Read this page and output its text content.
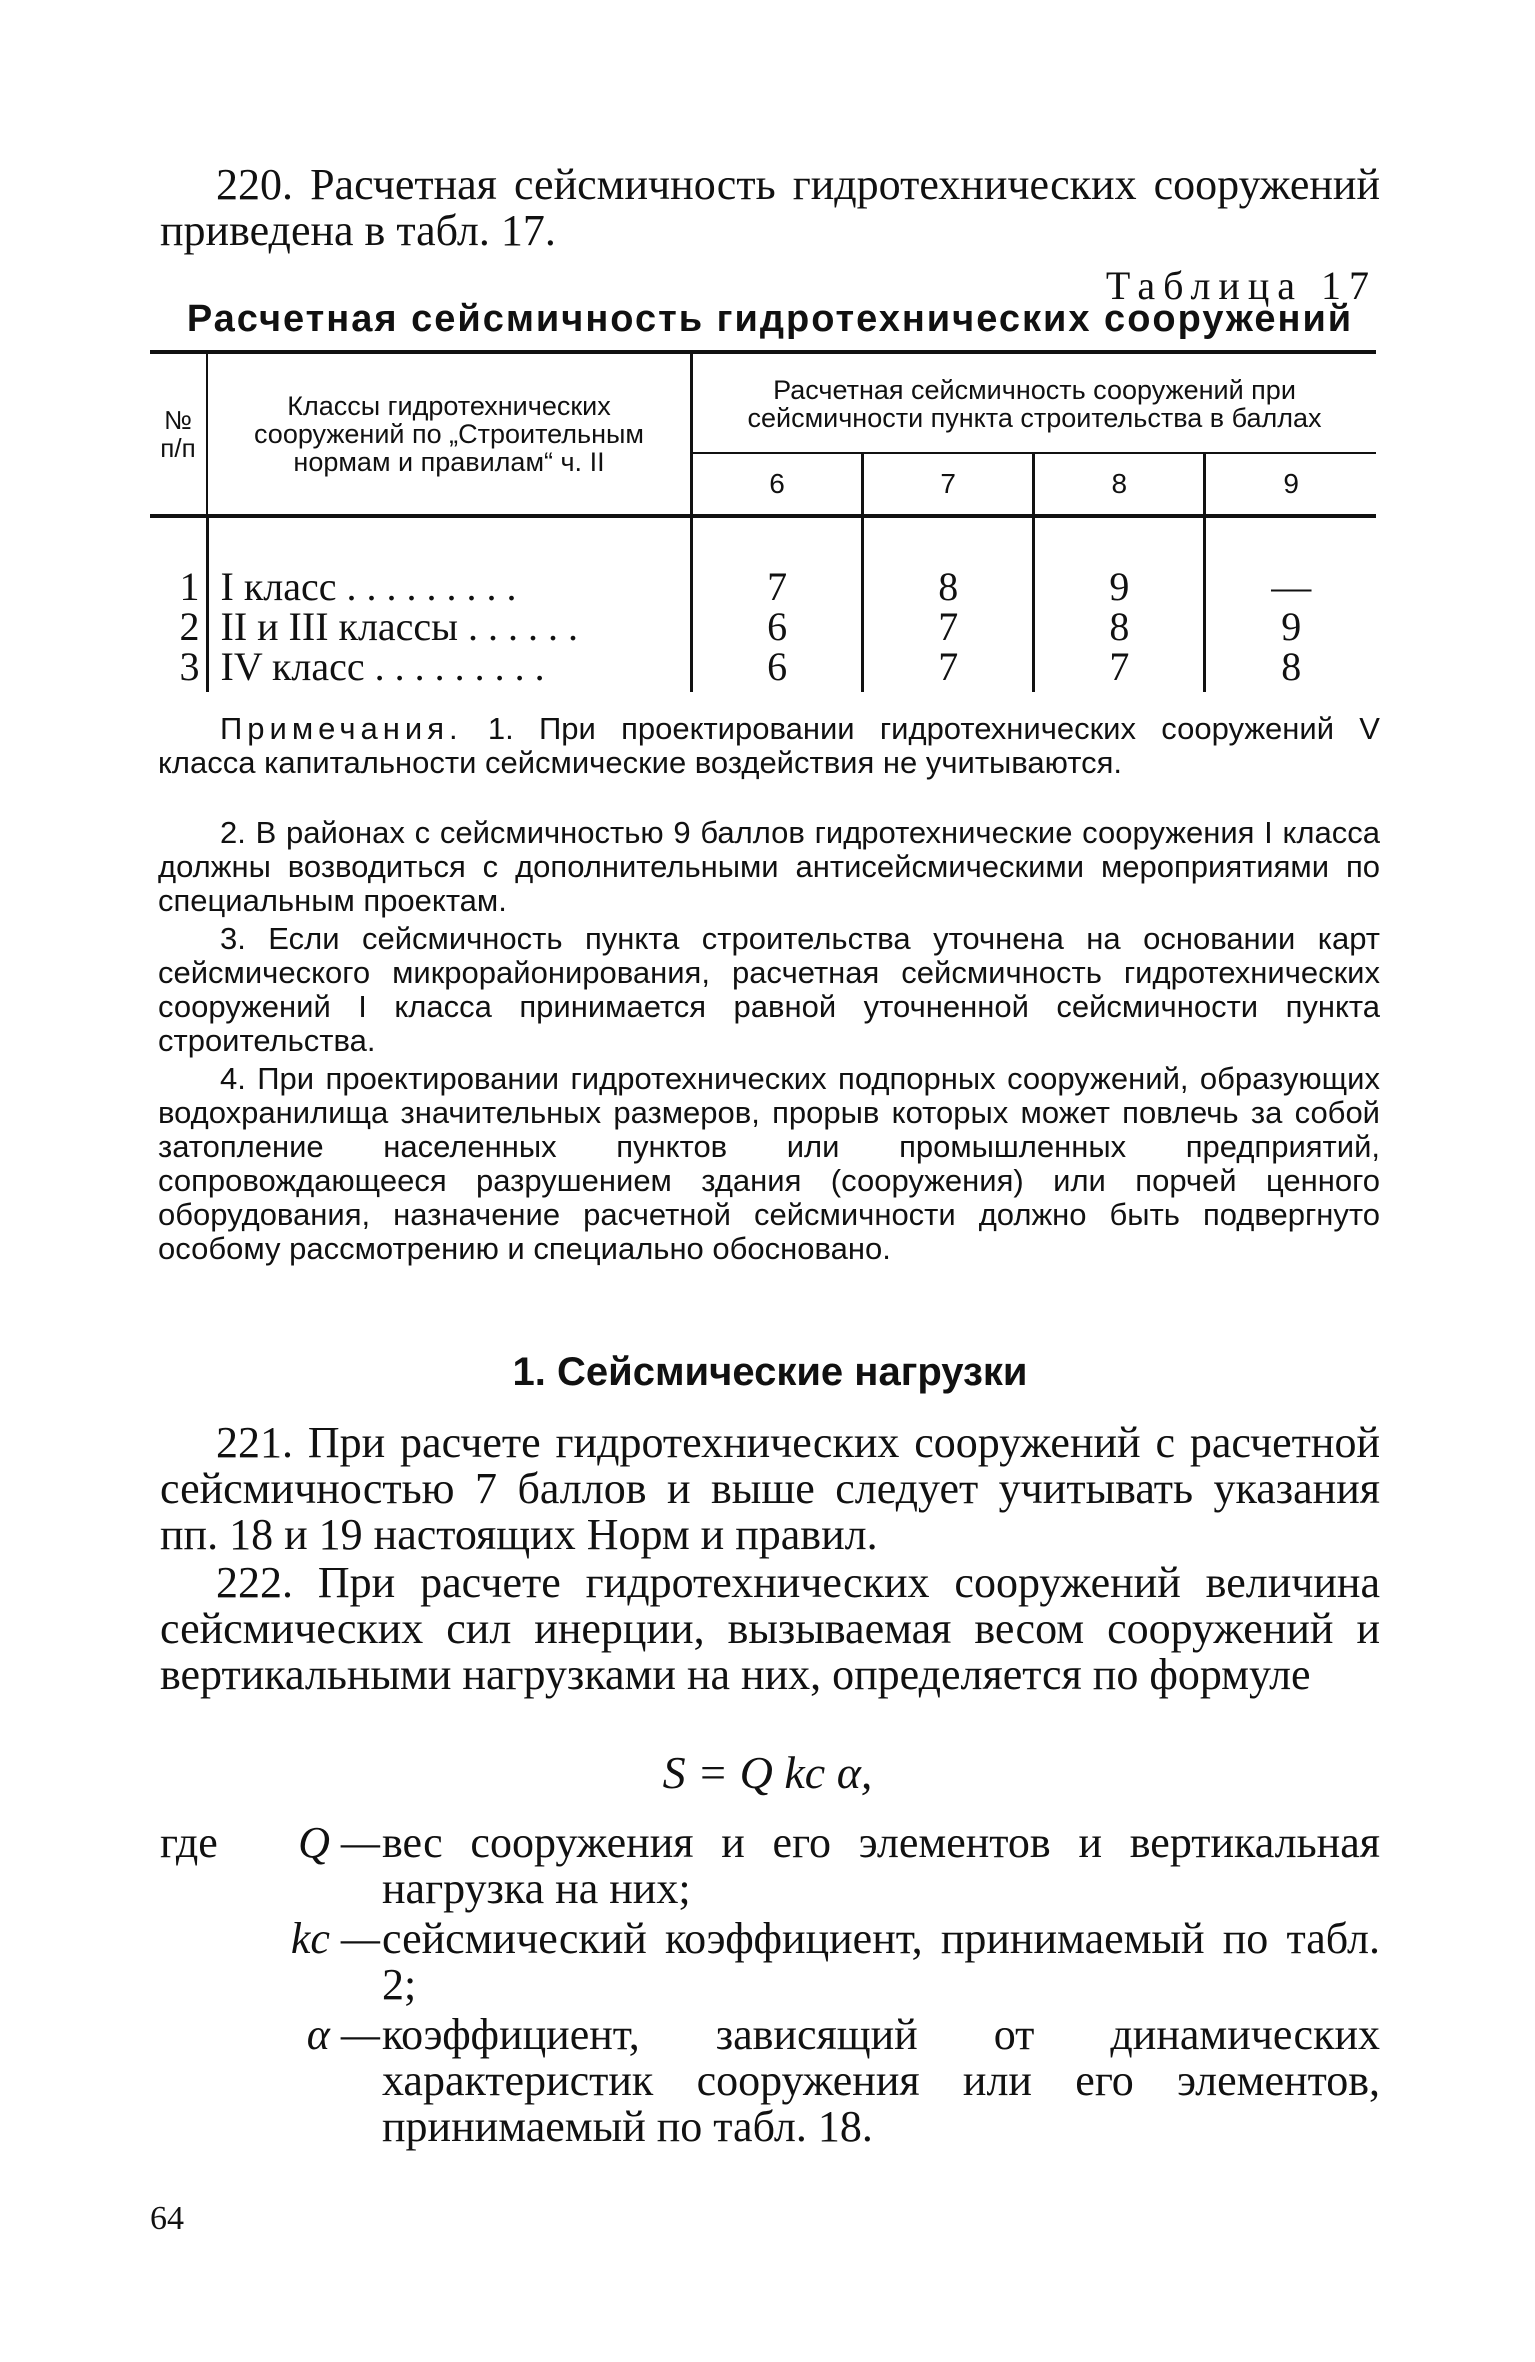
220. Расчетная сейсмичность гидротехнических сооружений приведена в табл. 17.

Таблица 17

Расчетная сейсмичность гидротехнических сооружений

№ п/п	Классы гидротехнических сооружений по „Строительным нормам и правилам“ ч. II	Расчетная сейсмичность сооружений при сейсмичности пункта строительства в баллах			
		6	7	8	9
1	I класс . . . . . . . . .	7	8	9	—
2	II и III классы . . . . . .	6	7	8	9
3	IV класс . . . . . . . . .	6	7	7	8

Примечания. 1. При проектировании гидротехнических сооружений V класса капитальности сейсмические воздействия не учитываются.

2. В районах с сейсмичностью 9 баллов гидротехнические сооружения I класса должны возводиться с дополнительными антисейсмическими мероприятиями по специальным проектам.

3. Если сейсмичность пункта строительства уточнена на основании карт сейсмического микрорайонирования, расчетная сейсмичность гидротехнических сооружений I класса принимается равной уточненной сейсмичности пункта строительства.

4. При проектировании гидротехнических подпорных сооружений, образующих водохранилища значительных размеров, прорыв которых может повлечь за собой затопление населенных пунктов или промышленных предприятий, сопровождающееся разрушением здания (сооружения) или порчей ценного оборудования, назначение расчетной сейсмичности должно быть подвергнуто особому рассмотрению и специально обосновано.

1. Сейсмические нагрузки

221. При расчете гидротехнических сооружений с расчетной сейсмичностью 7 баллов и выше следует учитывать указания пп. 18 и 19 настоящих Норм и правил.

222. При расчете гидротехнических сооружений величина сейсмических сил инерции, вызываемая весом сооружений и вертикальными нагрузками на них, определяется по формуле

S = Q kс α,

где	Q — вес сооружения и его элементов и вертикальная нагрузка на них;
kс — сейсмический коэффициент, принимаемый по табл. 2;
α — коэффициент, зависящий от динамических характеристик сооружения или его элементов, принимаемый по табл. 18.

64
